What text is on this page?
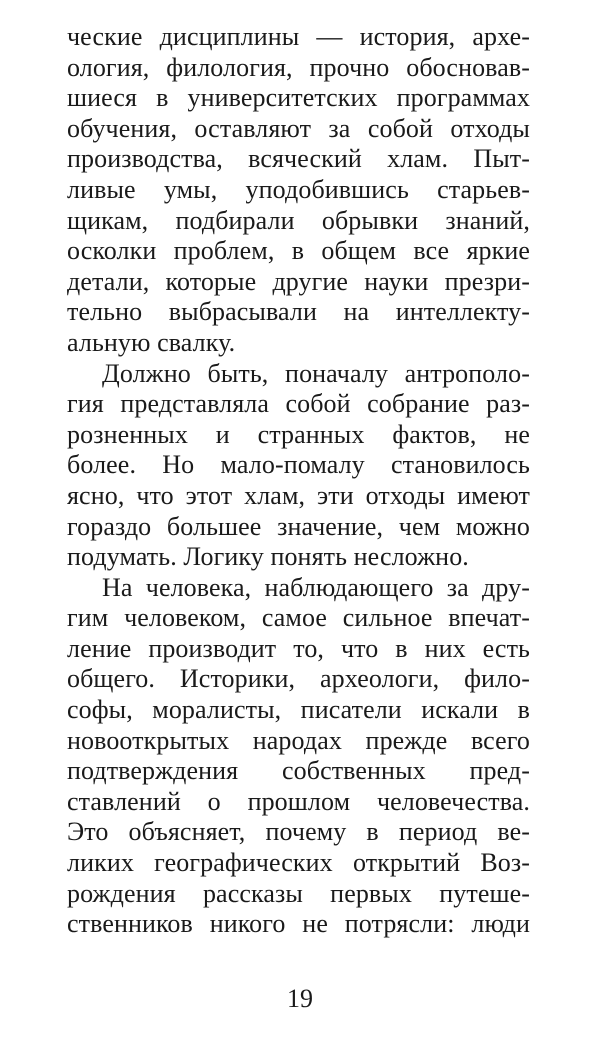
ческие дисциплины — история, архе-
ология, филология, прочно обосновав-
шиеся в университетских программах
обучения, оставляют за собой отходы
производства, всяческий хлам. Пыт-
ливые умы, уподобившись старьев-
щикам, подбирали обрывки знаний,
осколки проблем, в общем все яркие
детали, которые другие науки презри-
тельно выбрасывали на интеллекту-
альную свалку.
Должно быть, поначалу антрополо-
гия представляла собой собрание раз-
розненных и странных фактов, не
более. Но мало-помалу становилось
ясно, что этот хлам, эти отходы имеют
гораздо большее значение, чем можно
подумать. Логику понять несложно.
На человека, наблюдающего за дру-
гим человеком, самое сильное впечат-
ление производит то, что в них есть
общего. Историки, археологи, фило-
софы, моралисты, писатели искали в
новооткрытых народах прежде всего
подтверждения собственных пред-
ставлений о прошлом человечества.
Это объясняет, почему в период ве-
ликих географических открытий Воз-
рождения рассказы первых путеше-
ственников никого не потрясли: люди
19
